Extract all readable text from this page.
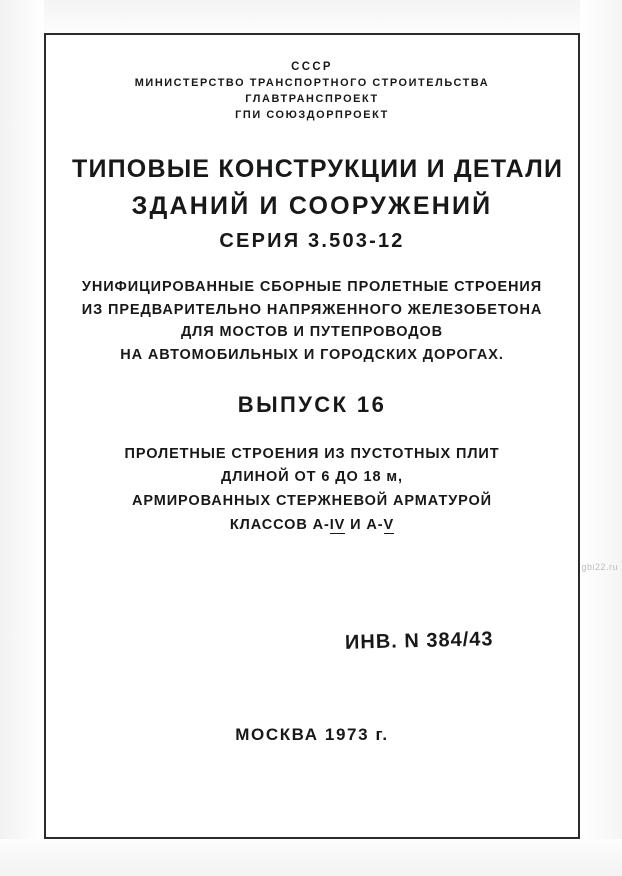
СССР
МИНИСТЕРСТВО ТРАНСПОРТНОГО СТРОИТЕЛЬСТВА
ГЛАВТРАНСПРОЕКТ
ГПИ СОЮЗДОРПРОЕКТ
ТИПОВЫЕ КОНСТРУКЦИИ И ДЕТАЛИ
ЗДАНИЙ И СООРУЖЕНИЙ
СЕРИЯ 3.503-12
УНИФИЦИРОВАННЫЕ СБОРНЫЕ ПРОЛЕТНЫЕ СТРОЕНИЯ
ИЗ ПРЕДВАРИТЕЛЬНО НАПРЯЖЕННОГО ЖЕЛЕЗОБЕТОНА
ДЛЯ МОСТОВ И ПУТЕПРОВОДОВ
НА АВТОМОБИЛЬНЫХ И ГОРОДСКИХ ДОРОГАХ.
ВЫПУСК 16
ПРОЛЕТНЫЕ СТРОЕНИЯ ИЗ ПУСТОТНЫХ ПЛИТ
ДЛИНОЙ ОТ 6 ДО 18 м,
АРМИРОВАННЫХ СТЕРЖНЕВОЙ АРМАТУРОЙ
КЛАССОВ А-IV И А-V
ИНВ. N 384/43
МОСКВА 1973 г.
gbi22.ru
